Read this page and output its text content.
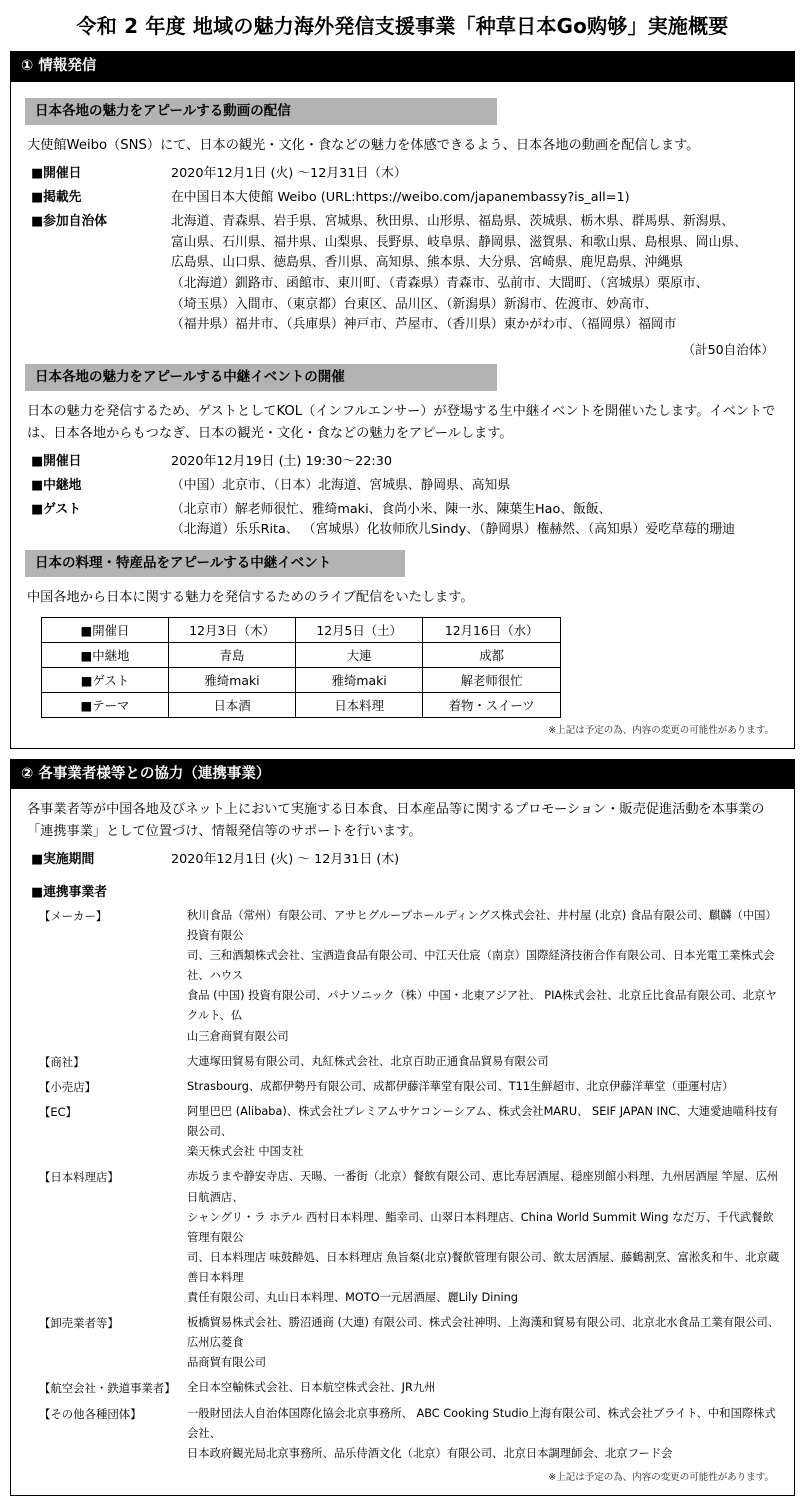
令和 2 年度 地域の魅力海外発信支援事業「种草日本Go购够」実施概要
① 情報発信
日本各地の魅力をアピールする動画の配信
大使館Weibo（SNS）にて、日本の観光・文化・食などの魅力を体感できるよう、日本各地の動画を配信します。
■開催日	2020年12月1日 (火) ～12月31日（木）
■掲載先	在中国日本大使館 Weibo (URL:https://weibo.com/japanembassy?is_all=1)
■参加自治体	北海道、青森県、岩手県、宮城県、秋田県、山形県、福島県、茨城県、栃木県、群馬県、新潟県、
富山県、石川県、福井県、山梨県、長野県、岐阜県、静岡県、滋賀県、和歌山県、島根県、岡山県、
広島県、山口県、徳島県、香川県、高知県、熊本県、大分県、宮崎県、鹿児島県、沖縄県
（北海道）釧路市、函館市、東川町、（青森県）青森市、弘前市、大間町、（宮城県）栗原市、
（埼玉県）入間市、（東京都）台東区、品川区、（新潟県）新潟市、佐渡市、妙高市、
（福井県）福井市、（兵庫県）神戸市、芦屋市、（香川県）東かがわ市、（福岡県）福岡市
（計50自治体）
日本各地の魅力をアピールする中継イベントの開催
日本の魅力を発信するため、ゲストとしてKOL（インフルエンサー）が登場する生中継イベントを開催いたします。イベントでは、日本各地からもつなぎ、日本の観光・文化・食などの魅力をアピールします。
■開催日	2020年12月19日 (土) 19:30～22:30
■中継地	（中国）北京市、（日本）北海道、宮城県、静岡県、高知県
■ゲスト	（北京市）解老师很忙、雅绮maki、食尚小米、陳一氷、陳葉生Hao、飯飯、
（北海道）乐乐Rita、 （宮城県）化妆师欣儿Sindy、（静岡県）権赫然、（高知県）爱吃草莓的珊迪
日本の料理・特産品をアピールする中継イベント
中国各地から日本に関する魅力を発信するためのライブ配信をいたします。
■開催日	12月3日（木）	12月5日（土）	12月16日（水）
■中継地	青島	大連	成都
■ゲスト	雅绮maki	雅绮maki	解老师很忙
■テーマ	日本酒	日本料理	着物・スイーツ
※上記は予定の為、内容の変更の可能性があります。
② 各事業者様等との協力（連携事業）
各事業者等が中国各地及びネット上において実施する日本食、日本産品等に関するプロモーション・販売促進活動を本事業の「連携事業」として位置づけ、情報発信等のサポートを行います。
■実施期間	2020年12月1日 (火) ～ 12月31日 (木)
■連携事業者
【メーカー】	秋川食品（常州）有限公司、アサヒグループホールディングス株式会社、井村屋 (北京) 食品有限公司、麒麟（中国）投資有限公
司、三和酒類株式会社、宝酒造食品有限公司、中江天仕宸（南京）国際経済技術合作有限公司、日本光電工業株式会社、ハウス
食品 (中国) 投資有限公司、パナソニック（株）中国・北東アジア社、 PIA株式会社、北京丘比食品有限公司、北京ヤクルト、仏
山三倉商貿有限公司
【商社】	大連塚田貿易有限公司、丸紅株式会社、北京百助正通食品貿易有限公司
【小売店】	Strasbourg、成都伊勢丹有限公司、成都伊藤洋華堂有限公司、T11生鮮超市、北京伊藤洋華堂（亜運村店）
【EC】	阿里巴巴 (Alibaba)、株式会社プレミアムサケコンーシアム、株式会社MARU、 SEIF JAPAN INC、大連愛迪喵科技有限公司、
楽天株式会社 中国支社
【日本料理店】	赤坂うまや静安寺店、天暘、一番街（北京）餐飲有限公司、恵比寿居酒屋、穏座別館小料理、九州居酒屋 竿屋、広州日航酒店、
シャングリ・ラ ホテル 西村日本料理、鮨幸司、山翠日本料理店、China World Summit Wing なだ万、千代武餐飲管理有限公
司、日本料理店 味鼓酔処、日本料理店 魚旨粲(北京)餐飲管理有限公司、飲太居酒屋、藤鶴割烹、富淞炙和牛、北京蔵善日本料理
責任有限公司、丸山日本料理、MOTO一元居酒屋、麗Lily Dining
【卸売業者等】	板橋貿易株式会社、勝沼通商 (大連) 有限公司、株式会社神明、上海漢和貿易有限公司、北京北水食品工業有限公司、広州広菱食
品商貿有限公司
【航空会社・鉄道事業者】 全日本空輸株式会社、日本航空株式会社、JR九州
【その他各種団体】	一般財団法人自治体国際化協会北京事務所、 ABC Cooking Studio上海有限公司、株式会社ブライト、中和国際株式会社、
日本政府観光局北京事務所、品乐侍酒文化（北京）有限公司、北京日本調理師会、北京フード会
※上記は予定の為、内容の変更の可能性があります。
